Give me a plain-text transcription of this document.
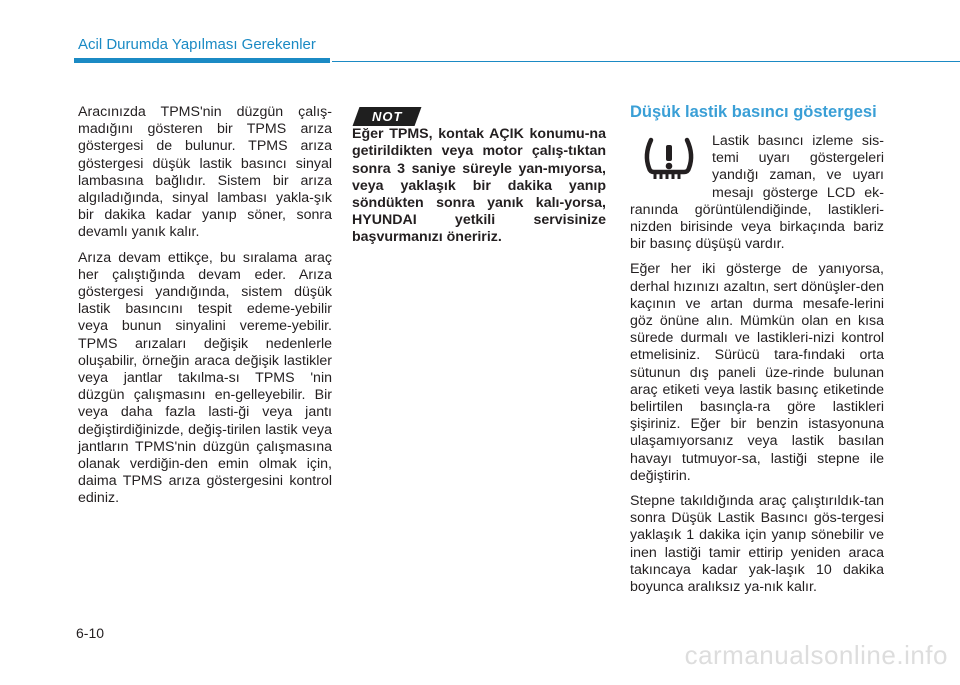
Acil Durumda Yapılması Gerekenler

Aracınızda TPMS'nin düzgün çalış-madığını gösteren bir TPMS arıza göstergesi de bulunur. TPMS arıza göstergesi düşük lastik basıncı sinyal lambasına bağlıdır. Sistem bir arıza algıladığında, sinyal lambası yakla-şık bir dakika kadar yanıp söner, sonra devamlı yanık kalır.

Arıza devam ettikçe, bu sıralama araç her çalıştığında devam eder. Arıza göstergesi yandığında, sistem düşük lastik basıncını tespit edeme-yebilir veya bunun sinyalini vereme-yebilir. TPMS arızaları değişik nedenlerle oluşabilir, örneğin araca değişik lastikler veya jantlar takılma-sı TPMS 'nin düzgün çalışmasını en-gelleyebilir. Bir veya daha fazla lasti-ği veya jantı değiştirdiğinizde, değiş-tirilen lastik veya jantların TPMS'nin düzgün çalışmasına olanak verdiğin-den emin olmak için, daima TPMS arıza göstergesini kontrol ediniz.

NOT

Eğer TPMS, kontak AÇIK konumu-na getirildikten veya motor çalış-tıktan sonra 3 saniye süreyle yan-mıyorsa, veya yaklaşık bir dakika yanıp söndükten sonra yanık kalı-yorsa, HYUNDAI yetkili servisinize başvurmanızı öneririz.

Düşük lastik basıncı göstergesi

Lastik basıncı izleme sis-temi uyarı göstergeleri yandığı zaman, ve uyarı mesajı gösterge LCD ek-ranında görüntülendiğinde, lastikleri-nizden birisinde veya birkaçında bariz bir basınç düşüşü vardır.

Eğer her iki gösterge de yanıyorsa, derhal hızınızı azaltın, sert dönüşler-den kaçının ve artan durma mesafe-lerini göz önüne alın. Mümkün olan en kısa sürede durmalı ve lastikleri-nizi kontrol etmelisiniz. Sürücü tara-fındaki orta sütunun dış paneli üze-rinde bulunan araç etiketi veya lastik basınç etiketinde belirtilen basınçla-ra göre lastikleri şişiriniz. Eğer bir benzin istasyonuna ulaşamıyorsanız veya lastik basılan havayı tutmuyor-sa, lastiği stepne ile değiştirin.

Stepne takıldığında araç çalıştırıldık-tan sonra Düşük Lastik Basıncı gös-tergesi yaklaşık 1 dakika için yanıp sönebilir ve inen lastiği tamir ettirip yeniden araca takıncaya kadar yak-laşık 10 dakika boyunca aralıksız ya-nık kalır.

6-10
carmanualsonline.info
